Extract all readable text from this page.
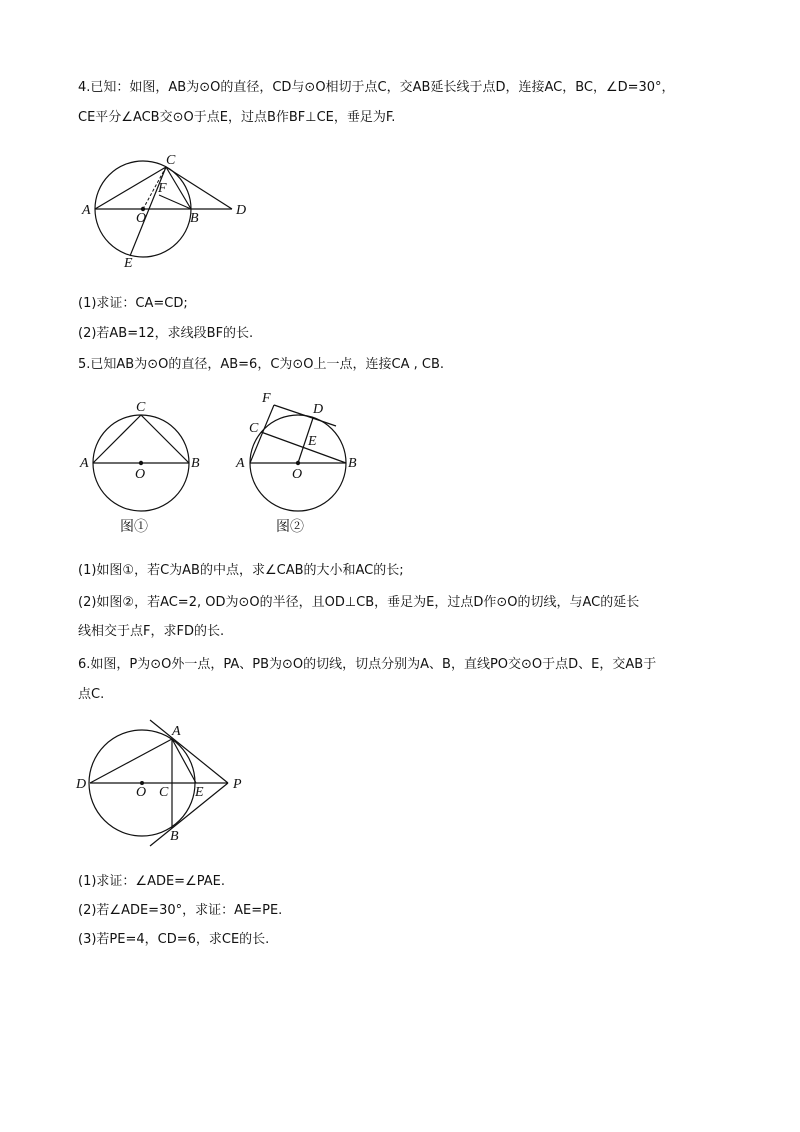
4.已知：如图，AB为⊙O的直径，CD与⊙O相切于点C，交AB延长线于点D，连接AC，BC，∠D=30°，
CE平分∠ACB交⊙O于点E，过点B作BF⊥CE，垂足为F.
A
O	B
C
D
E
F
(1)求证：CA=CD;
(2)若AB=12，求线段BF的长.
5.已知AB为⊙O的直径，AB=6，C为⊙O上一点，连接CA , CB.
A	B
C
O
图①
A	B
C
O
D
E
F
图②
(1)如图①，若C为AB的中点，求∠CAB的大小和AC的长;
(2)如图②，若AC=2, OD为⊙O的半径，且OD⊥CB，垂足为E，过点D作⊙O的切线，与AC的延长
线相交于点F，求FD的长.
6.如图，P为⊙O外一点，PA、PB为⊙O的切线，切点分别为A、B，直线PO交⊙O于点D、E，交AB于
点C.
A
B
C
D
E
O
P
(1)求证：∠ADE=∠PAE.
(2)若∠ADE=30°，求证：AE=PE.
(3)若PE=4，CD=6，求CE的长.
